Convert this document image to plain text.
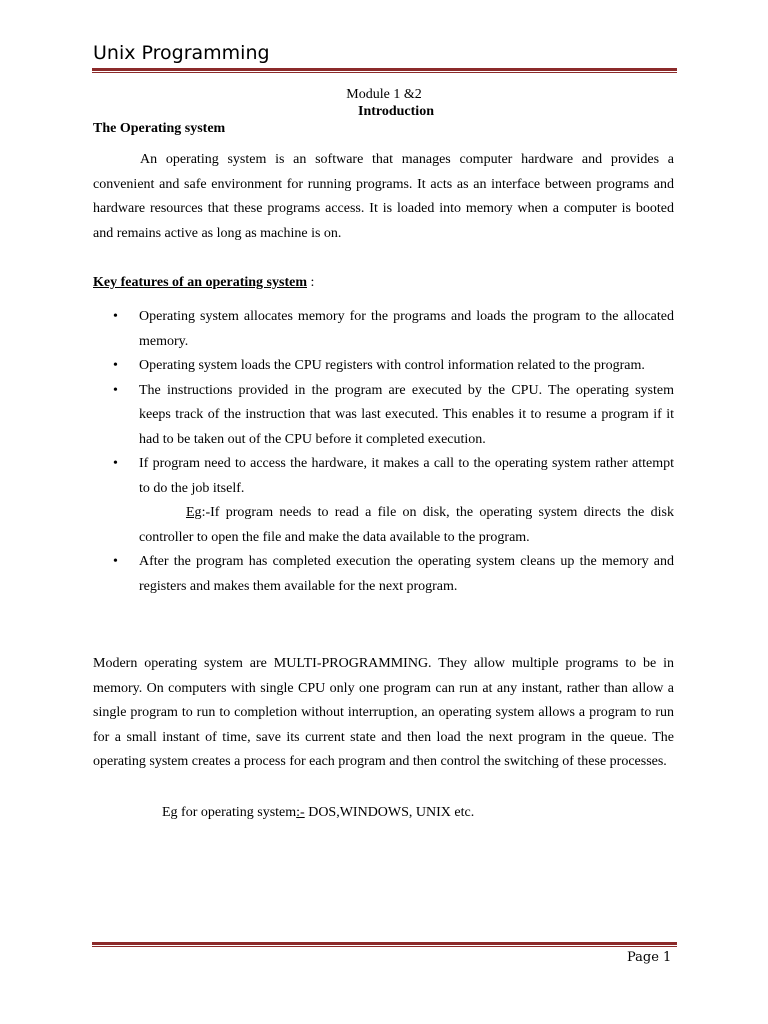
Unix Programming
Module 1 &2
Introduction
The Operating system
An operating system is an software that manages computer hardware and provides a convenient and safe environment for running programs. It acts as an interface between programs and hardware resources that these programs access. It is loaded into memory when a computer is booted and remains active as long as machine is on.
Key features of an operating system :
• Operating system allocates memory for the programs and loads the program to the allocated memory.
• Operating system loads the CPU registers with control information related to the program.
• The instructions provided in the program are executed by the CPU. The operating system keeps track of the instruction that was last executed. This enables it to resume a program if it had to be taken out of the CPU before it completed execution.
• If program need to access the hardware, it makes a call to the operating system rather attempt to do the job itself.
Eg:-If program needs to read a file on disk, the operating system directs the disk controller to open the file and make the data available to the program.
• After the program has completed execution the operating system cleans up the memory and registers and makes them available for the next program.
Modern operating system are MULTI-PROGRAMMING. They allow multiple programs to be in memory. On computers with single CPU only one program can run at any instant, rather than allow a single program to run to completion without interruption, an operating system allows a program to run for a small instant of time, save its current state and then load the next program in the queue. The operating system creates a process for each program and then control the switching of these processes.
Eg for operating system:- DOS,WINDOWS, UNIX etc.
Page 1
